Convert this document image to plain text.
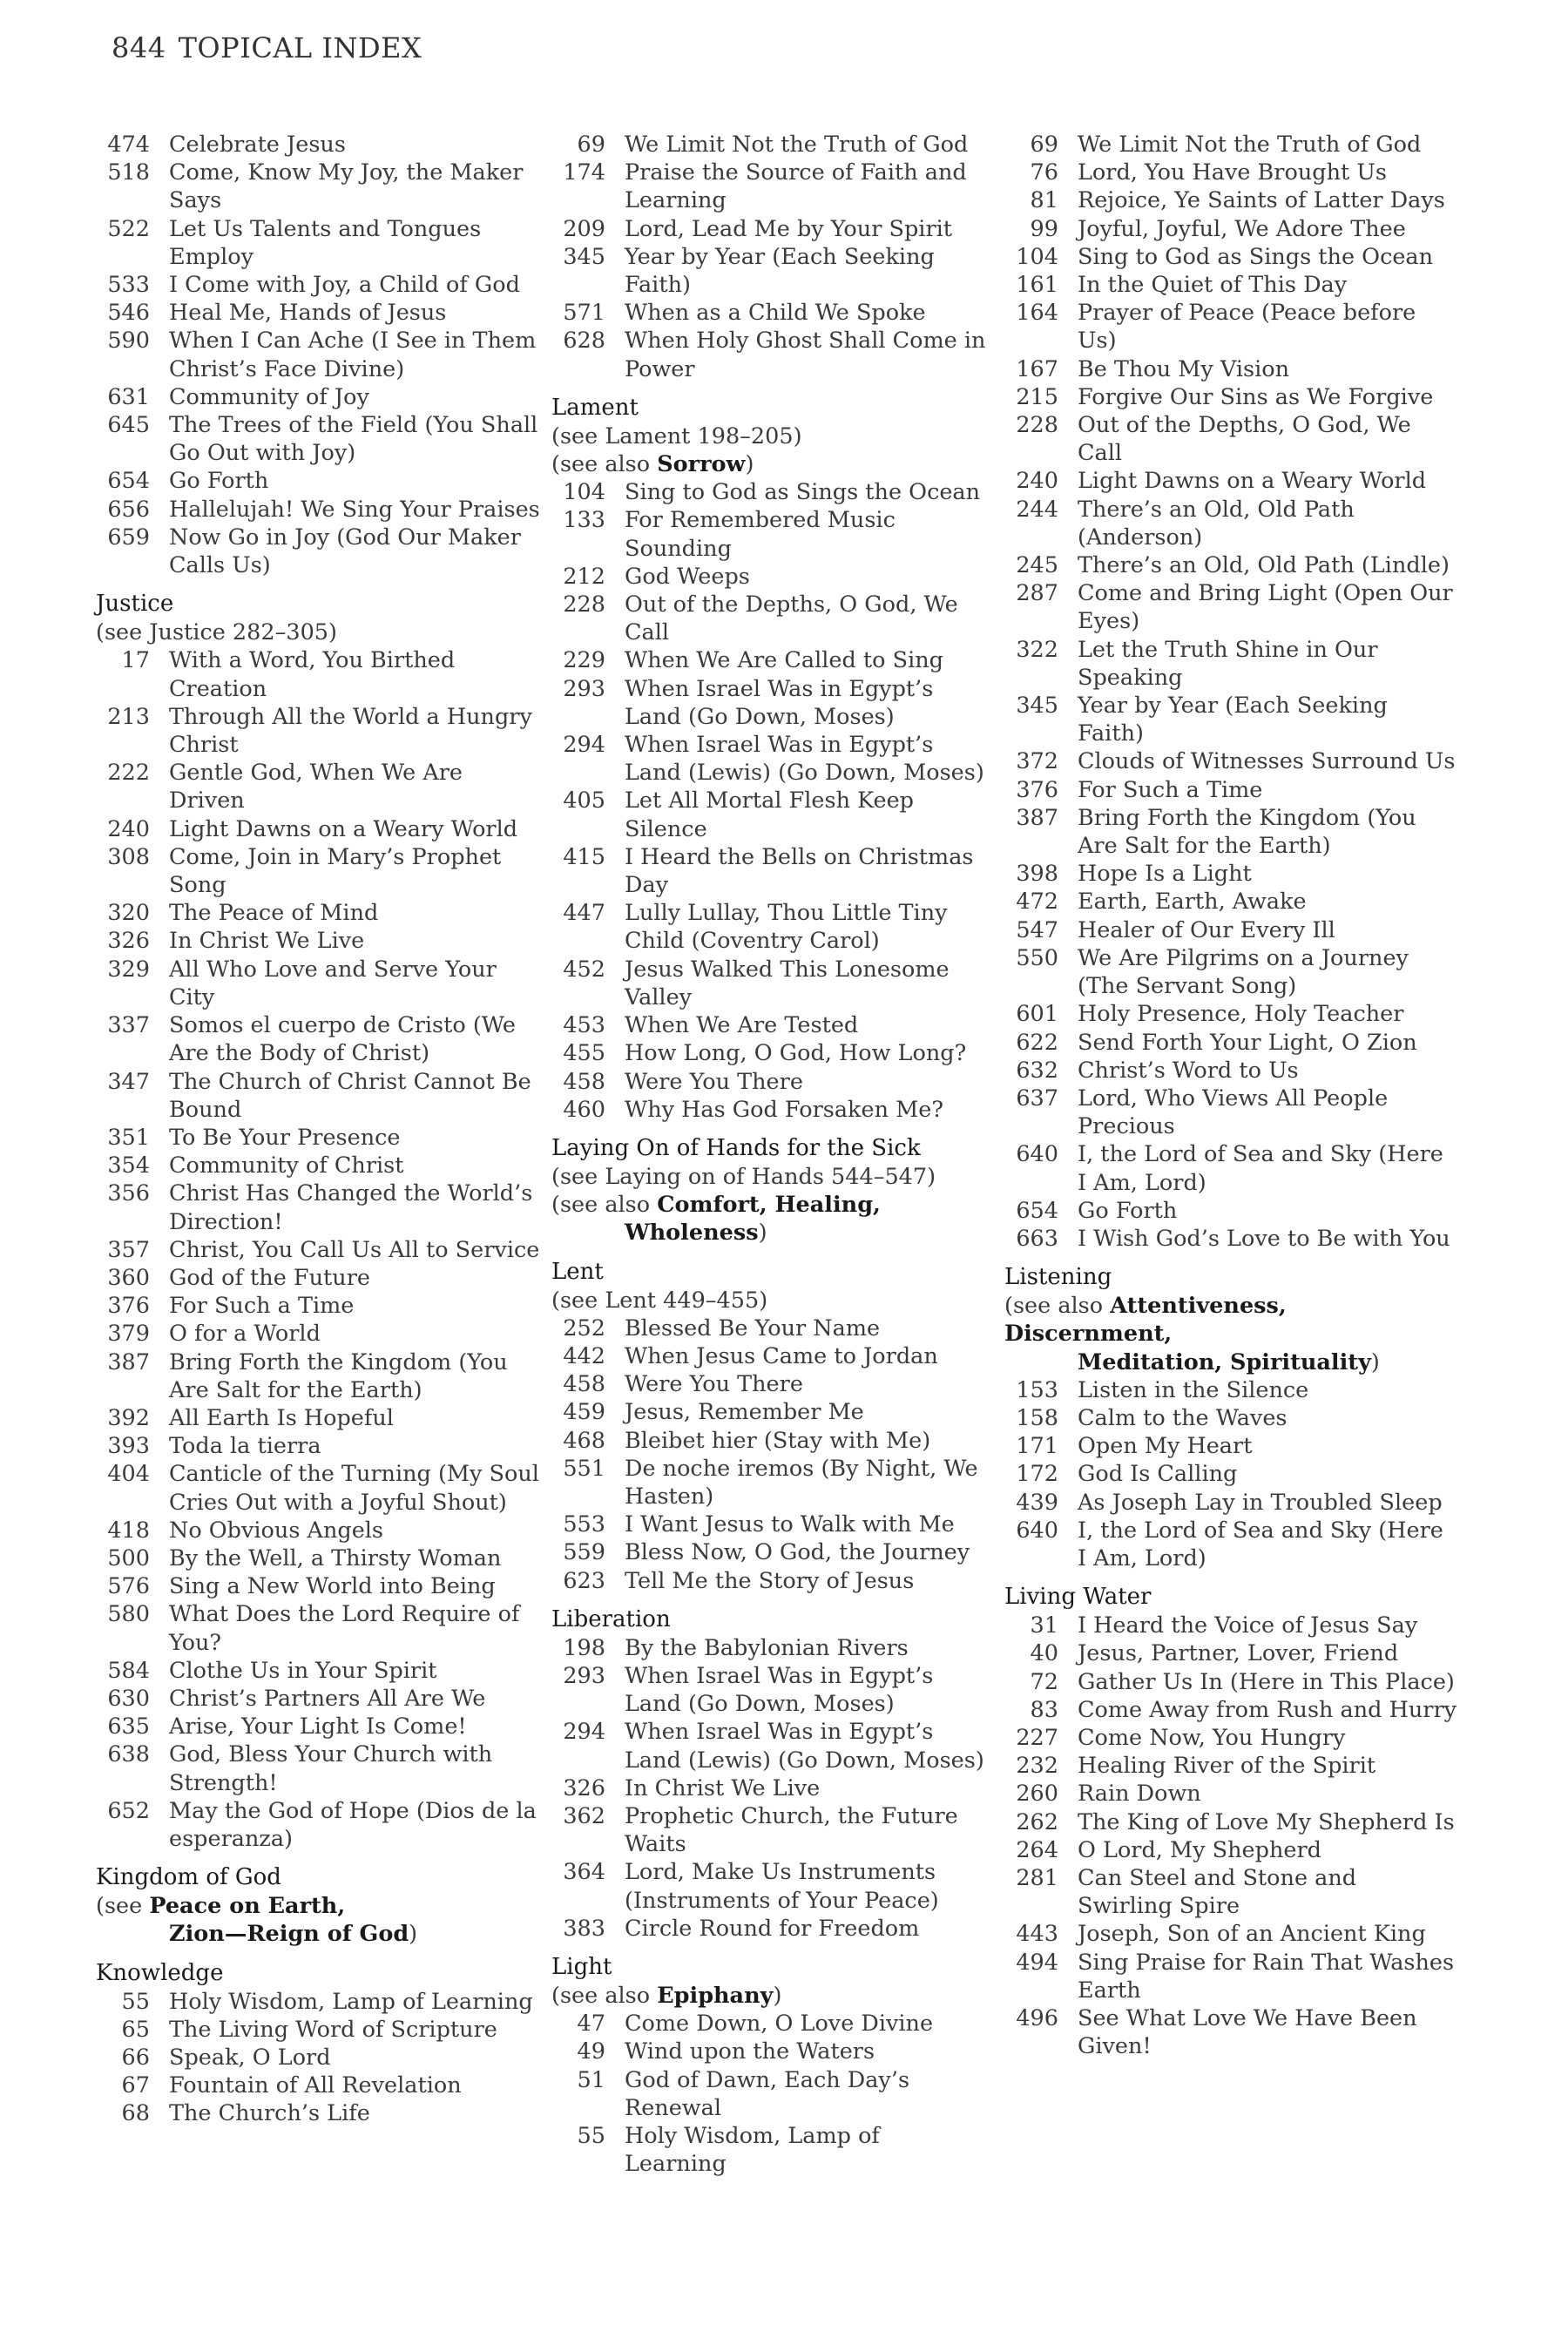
844 TOPICAL INDEX
474 Celebrate Jesus
518 Come, Know My Joy, the Maker Says
522 Let Us Talents and Tongues Employ
533 I Come with Joy, a Child of God
546 Heal Me, Hands of Jesus
590 When I Can Ache (I See in Them Christ’s Face Divine)
631 Community of Joy
645 The Trees of the Field (You Shall Go Out with Joy)
654 Go Forth
656 Hallelujah! We Sing Your Praises
659 Now Go in Joy (God Our Maker Calls Us)
Justice
(see Justice 282–305)
17 With a Word, You Birthed Creation
213 Through All the World a Hungry Christ
222 Gentle God, When We Are Driven
240 Light Dawns on a Weary World
308 Come, Join in Mary’s Prophet Song
320 The Peace of Mind
326 In Christ We Live
329 All Who Love and Serve Your City
337 Somos el cuerpo de Cristo (We Are the Body of Christ)
347 The Church of Christ Cannot Be Bound
351 To Be Your Presence
354 Community of Christ
356 Christ Has Changed the World’s Direction!
357 Christ, You Call Us All to Service
360 God of the Future
376 For Such a Time
379 O for a World
387 Bring Forth the Kingdom (You Are Salt for the Earth)
392 All Earth Is Hopeful
393 Toda la tierra
404 Canticle of the Turning (My Soul Cries Out with a Joyful Shout)
418 No Obvious Angels
500 By the Well, a Thirsty Woman
576 Sing a New World into Being
580 What Does the Lord Require of You?
584 Clothe Us in Your Spirit
630 Christ’s Partners All Are We
635 Arise, Your Light Is Come!
638 God, Bless Your Church with Strength!
652 May the God of Hope (Dios de la esperanza)
Kingdom of God
(see Peace on Earth,
Zion—Reign of God)
Knowledge
55 Holy Wisdom, Lamp of Learning
65 The Living Word of Scripture
66 Speak, O Lord
67 Fountain of All Revelation
68 The Church’s Life
69 We Limit Not the Truth of God
174 Praise the Source of Faith and Learning
209 Lord, Lead Me by Your Spirit
345 Year by Year (Each Seeking Faith)
571 When as a Child We Spoke
628 When Holy Ghost Shall Come in Power
Lament
(see Lament 198–205)
(see also Sorrow)
104 Sing to God as Sings the Ocean
133 For Remembered Music Sounding
212 God Weeps
228 Out of the Depths, O God, We Call
229 When We Are Called to Sing
293 When Israel Was in Egypt’s Land (Go Down, Moses)
294 When Israel Was in Egypt’s Land (Lewis) (Go Down, Moses)
405 Let All Mortal Flesh Keep Silence
415 I Heard the Bells on Christmas Day
447 Lully Lullay, Thou Little Tiny Child (Coventry Carol)
452 Jesus Walked This Lonesome Valley
453 When We Are Tested
455 How Long, O God, How Long?
458 Were You There
460 Why Has God Forsaken Me?
Laying On of Hands for the Sick
(see Laying on of Hands 544–547)
(see also Comfort, Healing,
Wholeness)
Lent
(see Lent 449–455)
252 Blessed Be Your Name
442 When Jesus Came to Jordan
458 Were You There
459 Jesus, Remember Me
468 Bleibet hier (Stay with Me)
551 De noche iremos (By Night, We Hasten)
553 I Want Jesus to Walk with Me
559 Bless Now, O God, the Journey
623 Tell Me the Story of Jesus
Liberation
198 By the Babylonian Rivers
293 When Israel Was in Egypt’s Land (Go Down, Moses)
294 When Israel Was in Egypt’s Land (Lewis) (Go Down, Moses)
326 In Christ We Live
362 Prophetic Church, the Future Waits
364 Lord, Make Us Instruments (Instruments of Your Peace)
383 Circle Round for Freedom
Light
(see also Epiphany)
47 Come Down, O Love Divine
49 Wind upon the Waters
51 God of Dawn, Each Day’s Renewal
55 Holy Wisdom, Lamp of Learning
69 We Limit Not the Truth of God
76 Lord, You Have Brought Us
81 Rejoice, Ye Saints of Latter Days
99 Joyful, Joyful, We Adore Thee
104 Sing to God as Sings the Ocean
161 In the Quiet of This Day
164 Prayer of Peace (Peace before Us)
167 Be Thou My Vision
215 Forgive Our Sins as We Forgive
228 Out of the Depths, O God, We Call
240 Light Dawns on a Weary World
244 There’s an Old, Old Path (Anderson)
245 There’s an Old, Old Path (Lindle)
287 Come and Bring Light (Open Our Eyes)
322 Let the Truth Shine in Our Speaking
345 Year by Year (Each Seeking Faith)
372 Clouds of Witnesses Surround Us
376 For Such a Time
387 Bring Forth the Kingdom (You Are Salt for the Earth)
398 Hope Is a Light
472 Earth, Earth, Awake
547 Healer of Our Every Ill
550 We Are Pilgrims on a Journey (The Servant Song)
601 Holy Presence, Holy Teacher
622 Send Forth Your Light, O Zion
632 Christ’s Word to Us
637 Lord, Who Views All People Precious
640 I, the Lord of Sea and Sky (Here I Am, Lord)
654 Go Forth
663 I Wish God’s Love to Be with You
Listening
(see also Attentiveness, Discernment,
Meditation, Spirituality)
153 Listen in the Silence
158 Calm to the Waves
171 Open My Heart
172 God Is Calling
439 As Joseph Lay in Troubled Sleep
640 I, the Lord of Sea and Sky (Here I Am, Lord)
Living Water
31 I Heard the Voice of Jesus Say
40 Jesus, Partner, Lover, Friend
72 Gather Us In (Here in This Place)
83 Come Away from Rush and Hurry
227 Come Now, You Hungry
232 Healing River of the Spirit
260 Rain Down
262 The King of Love My Shepherd Is
264 O Lord, My Shepherd
281 Can Steel and Stone and Swirling Spire
443 Joseph, Son of an Ancient King
494 Sing Praise for Rain That Washes Earth
496 See What Love We Have Been Given!
